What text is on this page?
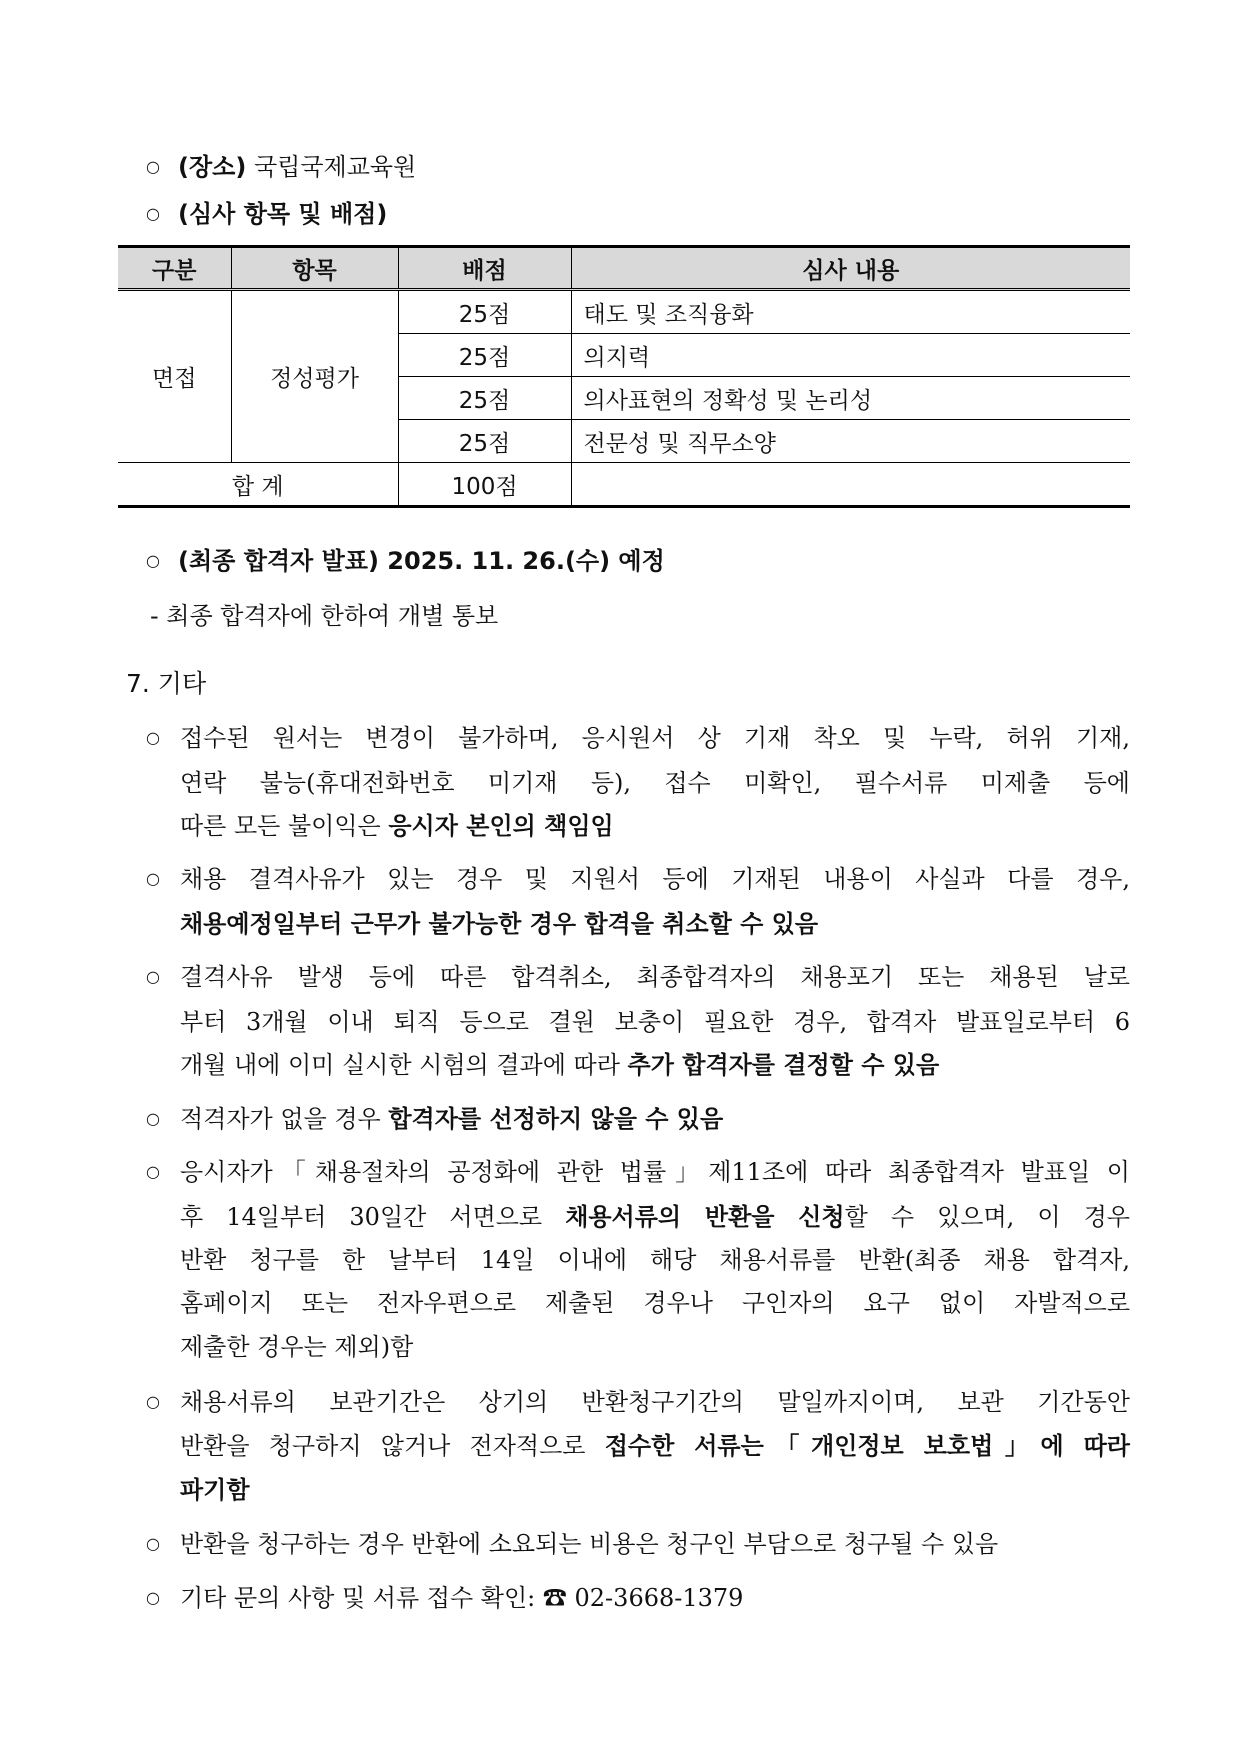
○ (장소) 국립국제교육원
○ (심사 항목 및 배점)
구분	항목	배점	심사 내용
면접	정성평가	25점	태도 및 조직융화
		25점	의지력
		25점	의사표현의 정확성 및 논리성
		25점	전문성 및 직무소양
합 계		100점	
○ (최종 합격자 발표) 2025. 11. 26.(수) 예정
- 최종 합격자에 한하여 개별 통보
7. 기타
○ 접수된 원서는 변경이 불가하며, 응시원서 상 기재 착오 및 누락, 허위 기재,
연락 불능(휴대전화번호 미기재 등), 접수 미확인, 필수서류 미제출 등에
따른 모든 불이익은 응시자 본인의 책임임
○ 채용 결격사유가 있는 경우 및 지원서 등에 기재된 내용이 사실과 다를 경우,
채용예정일부터 근무가 불가능한 경우 합격을 취소할 수 있음
○ 결격사유 발생 등에 따른 합격취소, 최종합격자의 채용포기 또는 채용된 날로
부터 3개월 이내 퇴직 등으로 결원 보충이 필요한 경우, 합격자 발표일로부터 6
개월 내에 이미 실시한 시험의 결과에 따라 추가 합격자를 결정할 수 있음
○ 적격자가 없을 경우 합격자를 선정하지 않을 수 있음
○ 응시자가「채용절차의 공정화에 관한 법률」제11조에 따라 최종합격자 발표일 이
후 14일부터 30일간 서면으로 채용서류의 반환을 신청할 수 있으며, 이 경우
반환 청구를 한 날부터 14일 이내에 해당 채용서류를 반환(최종 채용 합격자,
홈페이지 또는 전자우편으로 제출된 경우나 구인자의 요구 없이 자발적으로
제출한 경우는 제외)함
○ 채용서류의 보관기간은 상기의 반환청구기간의 말일까지이며, 보관 기간동안
반환을 청구하지 않거나 전자적으로 접수한 서류는「개인정보 보호법」에 따라
파기함
○ 반환을 청구하는 경우 반환에 소요되는 비용은 청구인 부담으로 청구될 수 있음
○ 기타 문의 사항 및 서류 접수 확인: ☎ 02-3668-1379
